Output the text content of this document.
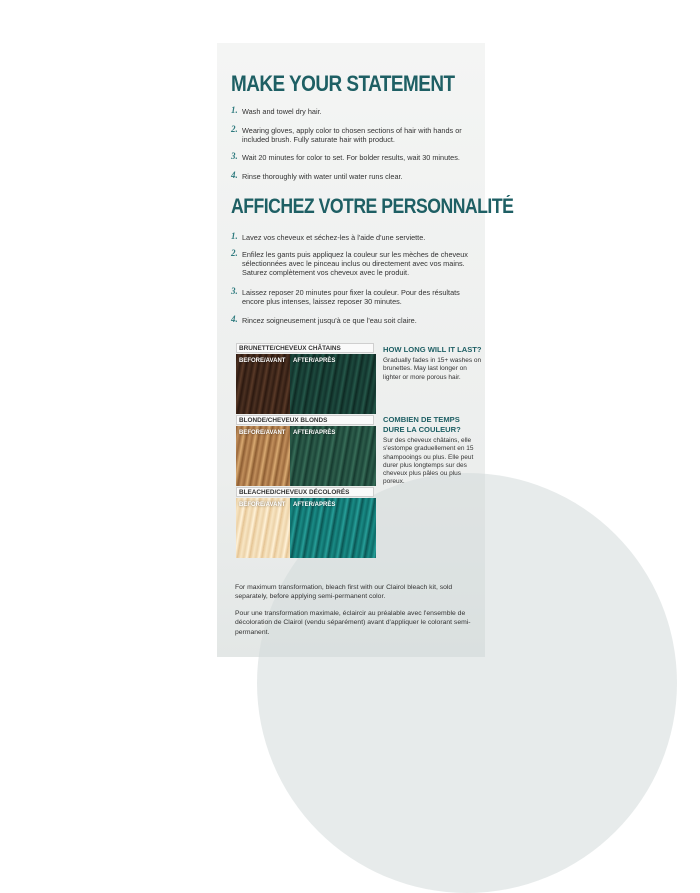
MAKE YOUR STATEMENT
1. Wash and towel dry hair.
2. Wearing gloves, apply color to chosen sections of hair with hands or included brush. Fully saturate hair with product.
3. Wait 20 minutes for color to set. For bolder results, wait 30 minutes.
4. Rinse thoroughly with water until water runs clear.
AFFICHEZ VOTRE PERSONNALITÉ
1. Lavez vos cheveux et séchez-les à l'aide d'une serviette.
2. Enfilez les gants puis appliquez la couleur sur les mèches de cheveux sélectionnées avec le pinceau inclus ou directement avec vos mains. Saturez complètement vos cheveux avec le produit.
3. Laissez reposer 20 minutes pour fixer la couleur. Pour des résultats encore plus intenses, laissez reposer 30 minutes.
4. Rincez soigneusement jusqu'à ce que l'eau soit claire.
BRUNETTE/CHEVEUX CHÂTAINS
BEFORE/AVANT AFTER/APRÈS
BLONDE/CHEVEUX BLONDS
BEFORE/AVANT AFTER/APRÈS
BLEACHED/CHEVEUX DÉCOLORÉS
BEFORE/AVANT AFTER/APRÈS
HOW LONG WILL IT LAST?
Gradually fades in 15+ washes on brunettes. May last longer on lighter or more porous hair.
COMBIEN DE TEMPS DURE LA COULEUR?
Sur des cheveux châtains, elle s'estompe graduellement en 15 shampooings ou plus. Elle peut durer plus longtemps sur des cheveux plus pâles ou plus poreux.
For maximum transformation, bleach first with our Clairol bleach kit, sold separately, before applying semi-permanent color.
Pour une transformation maximale, éclaircir au préalable avec l'ensemble de décoloration de Clairol (vendu séparément) avant d'appliquer le colorant semi-permanent.
